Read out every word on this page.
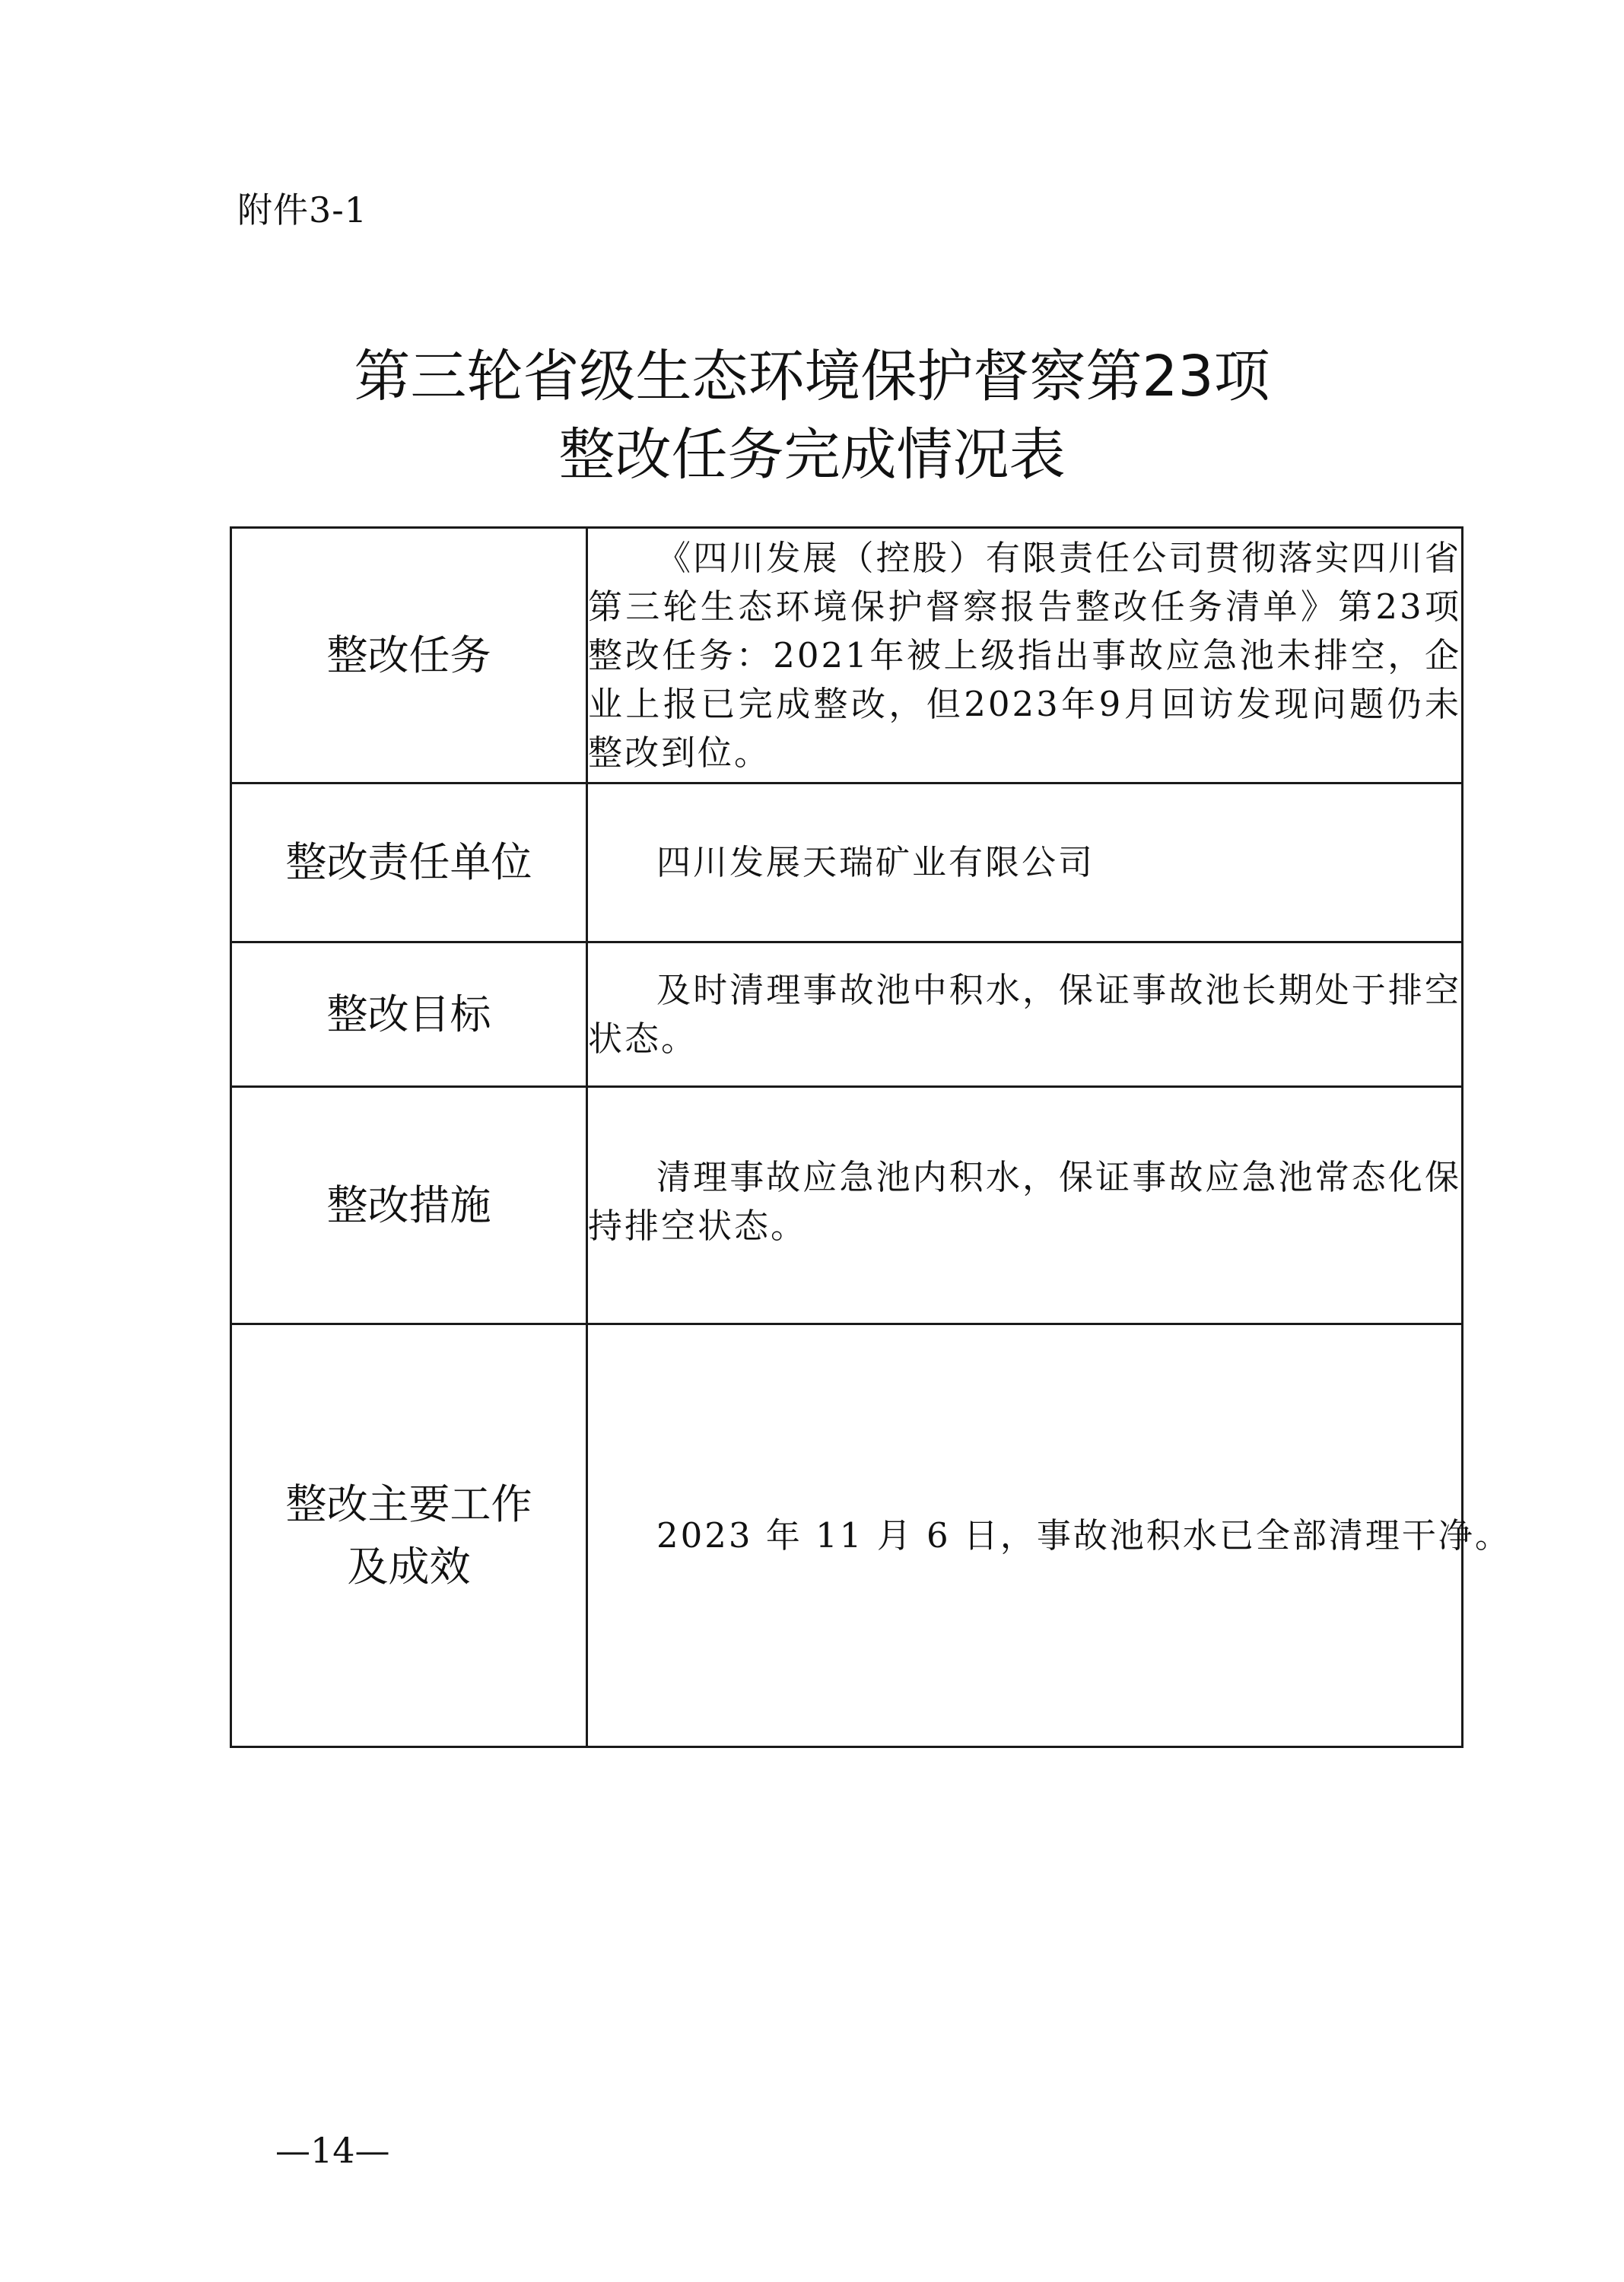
附件3-1
第三轮省级生态环境保护督察第23项
整改任务完成情况表
整改任务	《四川发展（控股）有限责任公司贯彻落实四川省第三轮生态环境保护督察报告整改任务清单》第23项整改任务：2021年被上级指出事故应急池未排空，企业上报已完成整改，但2023年9月回访发现问题仍未整改到位。

整改责任单位	四川发展天瑞矿业有限公司

整改目标	及时清理事故池中积水，保证事故池长期处于排空状态。

整改措施	清理事故应急池内积水，保证事故应急池常态化保持排空状态。

整改主要工作
及成效	2023 年 11 月 6 日，事故池积水已全部清理干净。

—14—
